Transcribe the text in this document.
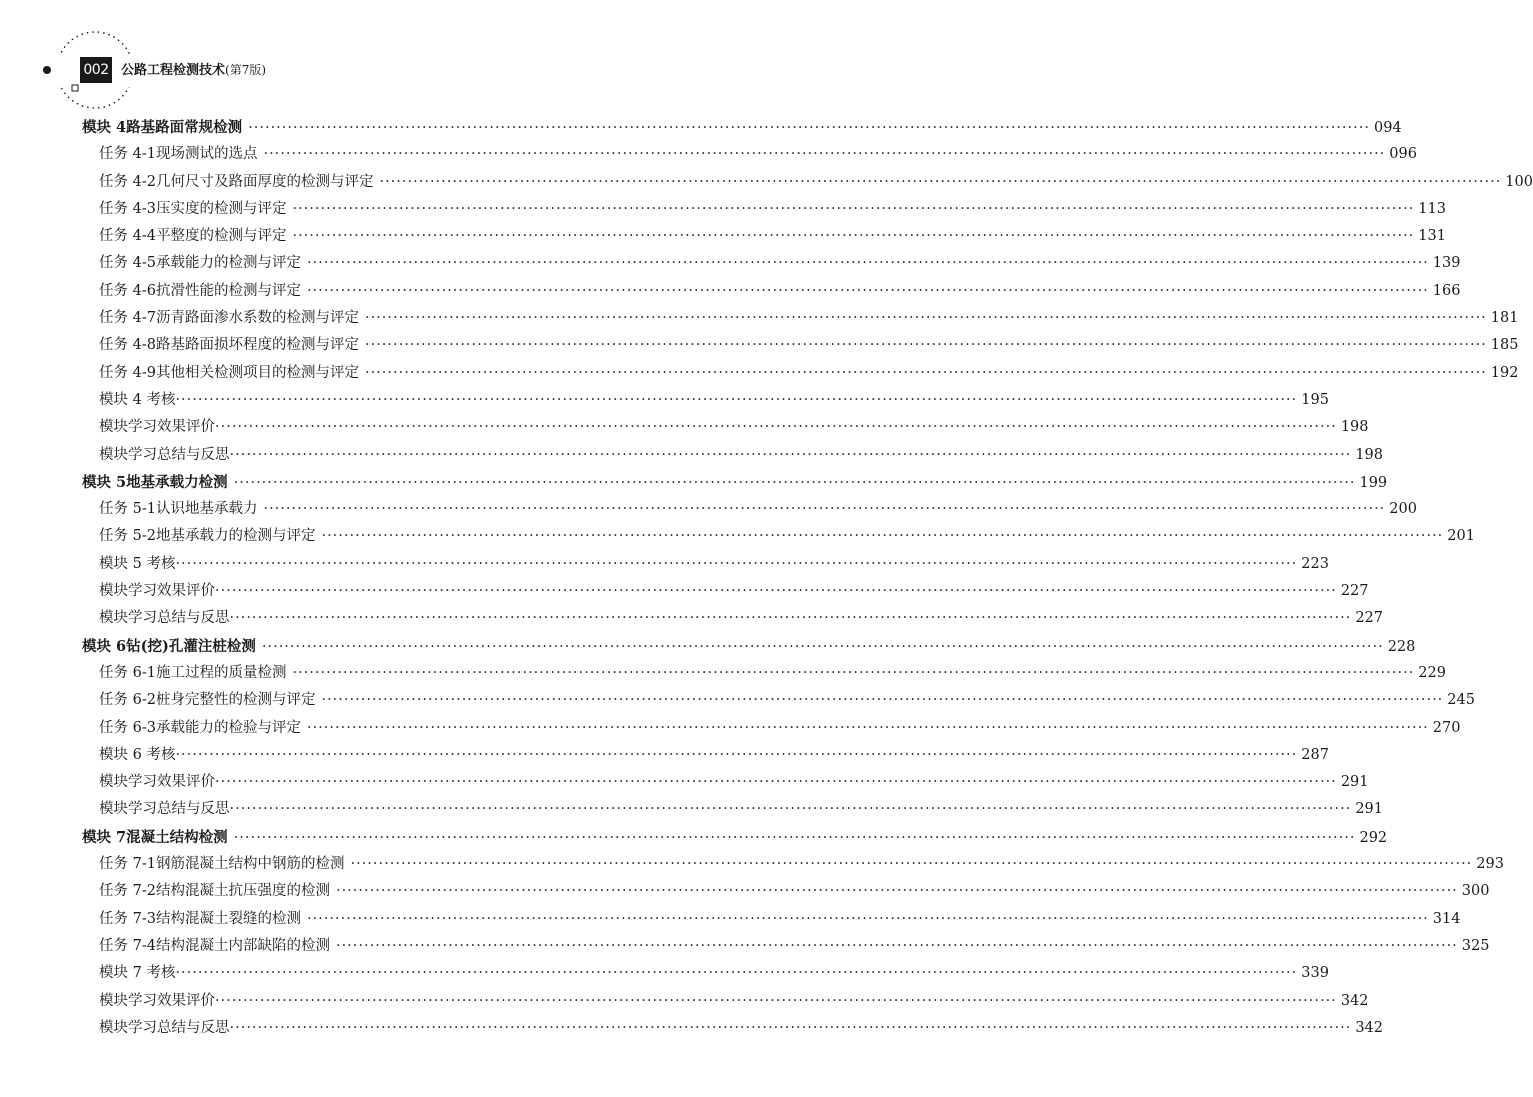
002 公路工程检测技术(第7版)
模块 4 路基路面常规检测 ········································································································································································································ 094
任务 4-1 现场测试的选点 ········································································································································································································ 096
任务 4-2 几何尺寸及路面厚度的检测与评定 ········································································································································································································ 100
任务 4-3 压实度的检测与评定 ········································································································································································································ 113
任务 4-4 平整度的检测与评定 ········································································································································································································ 131
任务 4-5 承载能力的检测与评定 ········································································································································································································ 139
任务 4-6 抗滑性能的检测与评定 ········································································································································································································ 166
任务 4-7 沥青路面渗水系数的检测与评定 ········································································································································································································ 181
任务 4-8 路基路面损坏程度的检测与评定 ········································································································································································································ 185
任务 4-9 其他相关检测项目的检测与评定 ········································································································································································································ 192
模块 4 考核 ········································································································································································································ 195
模块学习效果评价 ········································································································································································································ 198
模块学习总结与反思 ········································································································································································································ 198
模块 5 地基承载力检测 ········································································································································································································ 199
任务 5-1 认识地基承载力 ········································································································································································································ 200
任务 5-2 地基承载力的检测与评定 ········································································································································································································ 201
模块 5 考核 ········································································································································································································ 223
模块学习效果评价 ········································································································································································································ 227
模块学习总结与反思 ········································································································································································································ 227
模块 6 钻(挖)孔灌注桩检测 ········································································································································································································ 228
任务 6-1 施工过程的质量检测 ········································································································································································································ 229
任务 6-2 桩身完整性的检测与评定 ········································································································································································································ 245
任务 6-3 承载能力的检验与评定 ········································································································································································································ 270
模块 6 考核 ········································································································································································································ 287
模块学习效果评价 ········································································································································································································ 291
模块学习总结与反思 ········································································································································································································ 291
模块 7 混凝土结构检测 ········································································································································································································ 292
任务 7-1 钢筋混凝土结构中钢筋的检测 ········································································································································································································ 293
任务 7-2 结构混凝土抗压强度的检测 ········································································································································································································ 300
任务 7-3 结构混凝土裂缝的检测 ········································································································································································································ 314
任务 7-4 结构混凝土内部缺陷的检测 ········································································································································································································ 325
模块 7 考核 ········································································································································································································ 339
模块学习效果评价 ········································································································································································································ 342
模块学习总结与反思 ········································································································································································································ 342
